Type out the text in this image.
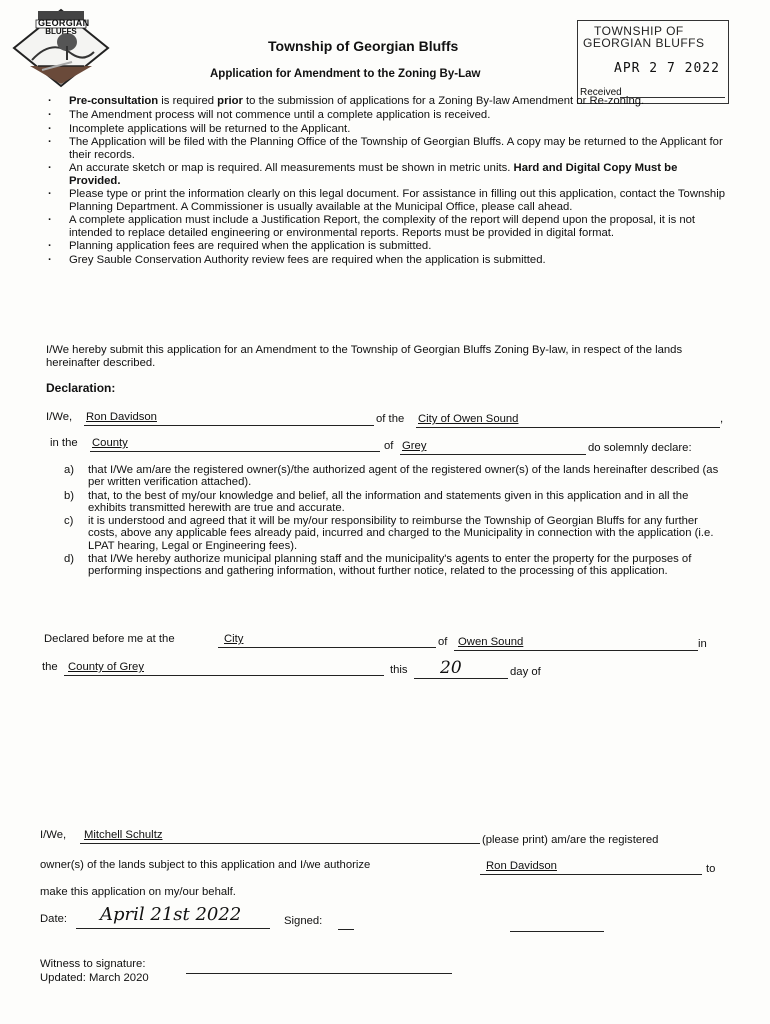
GEORGIAN
BLUFFS
Township of Georgian Bluffs
Application for Amendment to the Zoning By-Law
TOWNSHIP OF
GEORGIAN BLUFFS
APR 2 7 2022
Received
· Pre-consultation is required prior to the submission of applications for a Zoning By-law Amendment or Re-zoning.
· The Amendment process will not commence until a complete application is received.
· Incomplete applications will be returned to the Applicant.
· The Application will be filed with the Planning Office of the Township of Georgian Bluffs. A copy may be returned to the Applicant for their records.
· An accurate sketch or map is required. All measurements must be shown in metric units. Hard and Digital Copy Must be Provided.
· Please type or print the information clearly on this legal document. For assistance in filling out this application, contact the Township Planning Department. A Commissioner is usually available at the Municipal Office, please call ahead.
· A complete application must include a Justification Report, the complexity of the report will depend upon the proposal, it is not intended to replace detailed engineering or environmental reports. Reports must be provided in digital format.
· Planning application fees are required when the application is submitted.
· Grey Sauble Conservation Authority review fees are required when the application is submitted.
I/We hereby submit this application for an Amendment to the Township of Georgian Bluffs Zoning By-law, in respect of the lands hereinafter described.
Declaration:
I/We, Ron Davidson	of the City of Owen Sound	,
in the County	of Grey	do solemnly declare:
a) that I/We am/are the registered owner(s)/the authorized agent of the registered owner(s) of the lands hereinafter described (as per written verification attached).
b) that, to the best of my/our knowledge and belief, all the information and statements given in this application and in all the exhibits transmitted herewith are true and accurate.
c) it is understood and agreed that it will be my/our responsibility to reimburse the Township of Georgian Bluffs for any further costs, above any applicable fees already paid, incurred and charged to the Municipality in connection with the application (i.e. LPAT hearing, Legal or Engineering fees).
d) that I/We hereby authorize municipal planning staff and the municipality's agents to enter the property for the purposes of performing inspections and gathering information, without further notice, related to the processing of this application.
Declared before me at the	City	of Owen Sound	in
the County of Grey	this 20	day of
I/We, Mitchell Schultz	(please print) am/are the registered
owner(s) of the lands subject to this application and I/we authorize	Ron Davidson	to
make this application on my/our behalf.
Date: April 21st 2022	Signed:
Witness to signature:
Updated: March 2020
